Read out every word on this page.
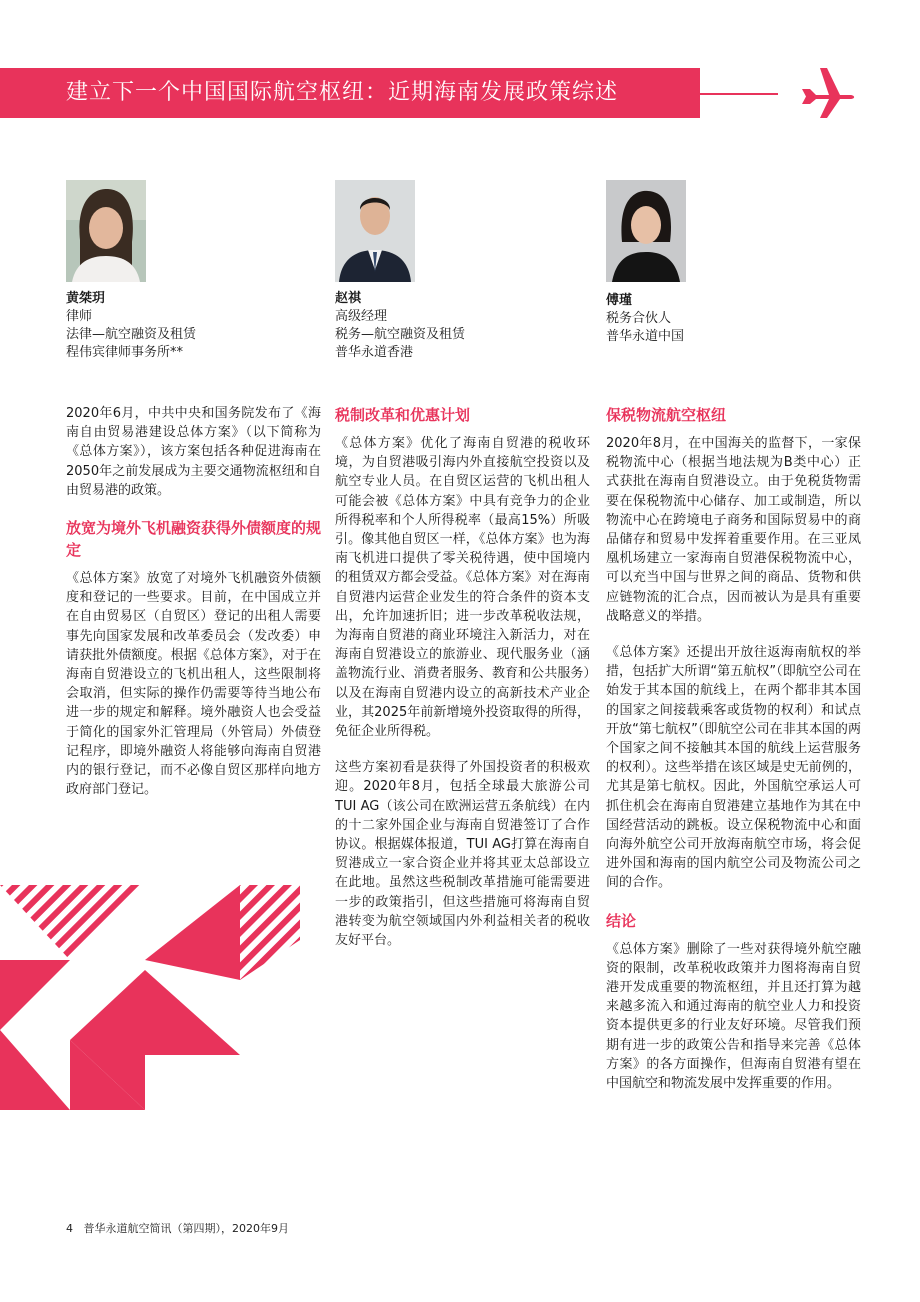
建立下一个中国国际航空枢纽：近期海南发展政策综述
黄桀玥
律师
法律—航空融资及租赁
程伟宾律师事务所**
赵祺
高级经理
税务—航空融资及租赁
普华永道香港
傅瑾
税务合伙人
普华永道中国

2020年6月，中共中央和国务院发布了《海南自由贸易港建设总体方案》（以下简称为《总体方案》），该方案包括各种促进海南在2050年之前发展成为主要交通物流枢纽和自由贸易港的政策。

放宽为境外飞机融资获得外债额度的规定

《总体方案》放宽了对境外飞机融资外债额度和登记的一些要求。目前，在中国成立并在自由贸易区（自贸区）登记的出租人需要事先向国家发展和改革委员会（发改委）申请获批外债额度。根据《总体方案》，对于在海南自贸港设立的飞机出租人，这些限制将会取消，但实际的操作仍需要等待当地公布进一步的规定和解释。境外融资人也会受益于简化的国家外汇管理局（外管局）外债登记程序，即境外融资人将能够向海南自贸港内的银行登记，而不必像自贸区那样向地方政府部门登记。

税制改革和优惠计划

《总体方案》优化了海南自贸港的税收环境，为自贸港吸引海内外直接航空投资以及航空专业人员。在自贸区运营的飞机出租人可能会被《总体方案》中具有竞争力的企业所得税率和个人所得税率（最高15%）所吸引。像其他自贸区一样，《总体方案》也为海南飞机进口提供了零关税待遇，使中国境内的租赁双方都会受益。《总体方案》对在海南自贸港内运营企业发生的符合条件的资本支出，允许加速折旧；进一步改革税收法规，为海南自贸港的商业环境注入新活力，对在海南自贸港设立的旅游业、现代服务业（涵盖物流行业、消费者服务、教育和公共服务）以及在海南自贸港内设立的高新技术产业企业，其2025年前新增境外投资取得的所得，免征企业所得税。

这些方案初看是获得了外国投资者的积极欢迎。2020年8月，包括全球最大旅游公司TUI AG（该公司在欧洲运营五条航线）在内的十二家外国企业与海南自贸港签订了合作协议。根据媒体报道，TUI AG打算在海南自贸港成立一家合资企业并将其亚太总部设立在此地。虽然这些税制改革措施可能需要进一步的政策指引，但这些措施可将海南自贸港转变为航空领域国内外利益相关者的税收友好平台。

保税物流航空枢纽

2020年8月，在中国海关的监督下，一家保税物流中心（根据当地法规为B类中心）正式获批在海南自贸港设立。由于免税货物需要在保税物流中心储存、加工或制造，所以物流中心在跨境电子商务和国际贸易中的商品储存和贸易中发挥着重要作用。在三亚凤凰机场建立一家海南自贸港保税物流中心，可以充当中国与世界之间的商品、货物和供应链物流的汇合点，因而被认为是具有重要战略意义的举措。

《总体方案》还提出开放往返海南航权的举措，包括扩大所谓“第五航权”（即航空公司在始发于其本国的航线上，在两个都非其本国的国家之间接载乘客或货物的权利）和试点开放“第七航权”（即航空公司在非其本国的两个国家之间不接触其本国的航线上运营服务的权利）。这些举措在该区域是史无前例的，尤其是第七航权。因此，外国航空承运人可抓住机会在海南自贸港建立基地作为其在中国经营活动的跳板。设立保税物流中心和面向海外航空公司开放海南航空市场，将会促进外国和海南的国内航空公司及物流公司之间的合作。

结论

《总体方案》删除了一些对获得境外航空融资的限制，改革税收政策并力图将海南自贸港开发成重要的物流枢纽，并且还打算为越来越多流入和通过海南的航空业人力和投资资本提供更多的行业友好环境。尽管我们预期有进一步的政策公告和指导来完善《总体方案》的各方面操作，但海南自贸港有望在中国航空和物流发展中发挥重要的作用。

4 普华永道航空简讯（第四期），2020年9月
